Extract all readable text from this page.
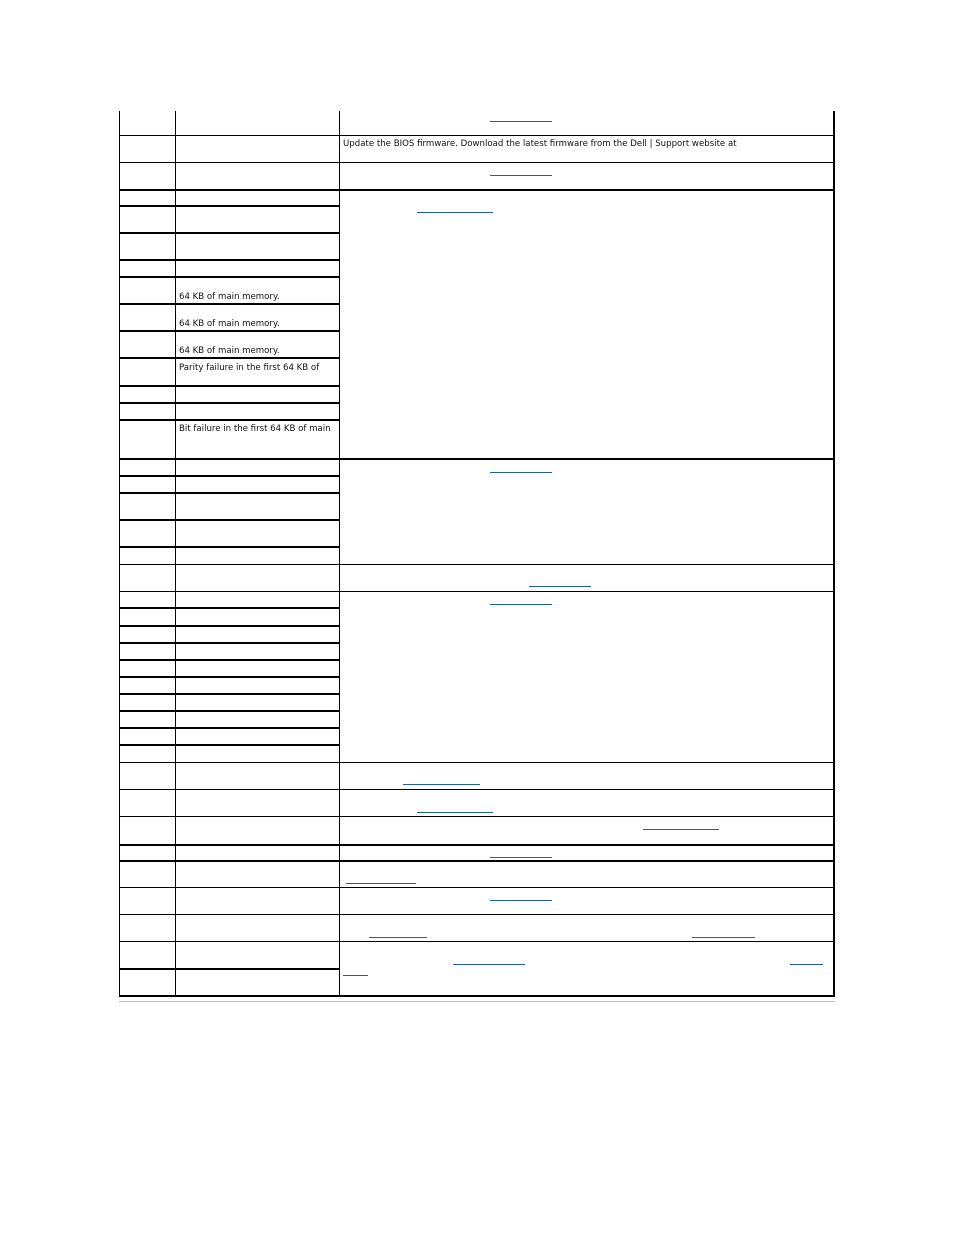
64 KB of main memory.
64 KB of main memory.
64 KB of main memory.
Parity failure in the first 64 KB of
Bit failure in the first 64 KB of main
Update the BIOS firmware. Download the latest firmware from the Dell | Support website at
